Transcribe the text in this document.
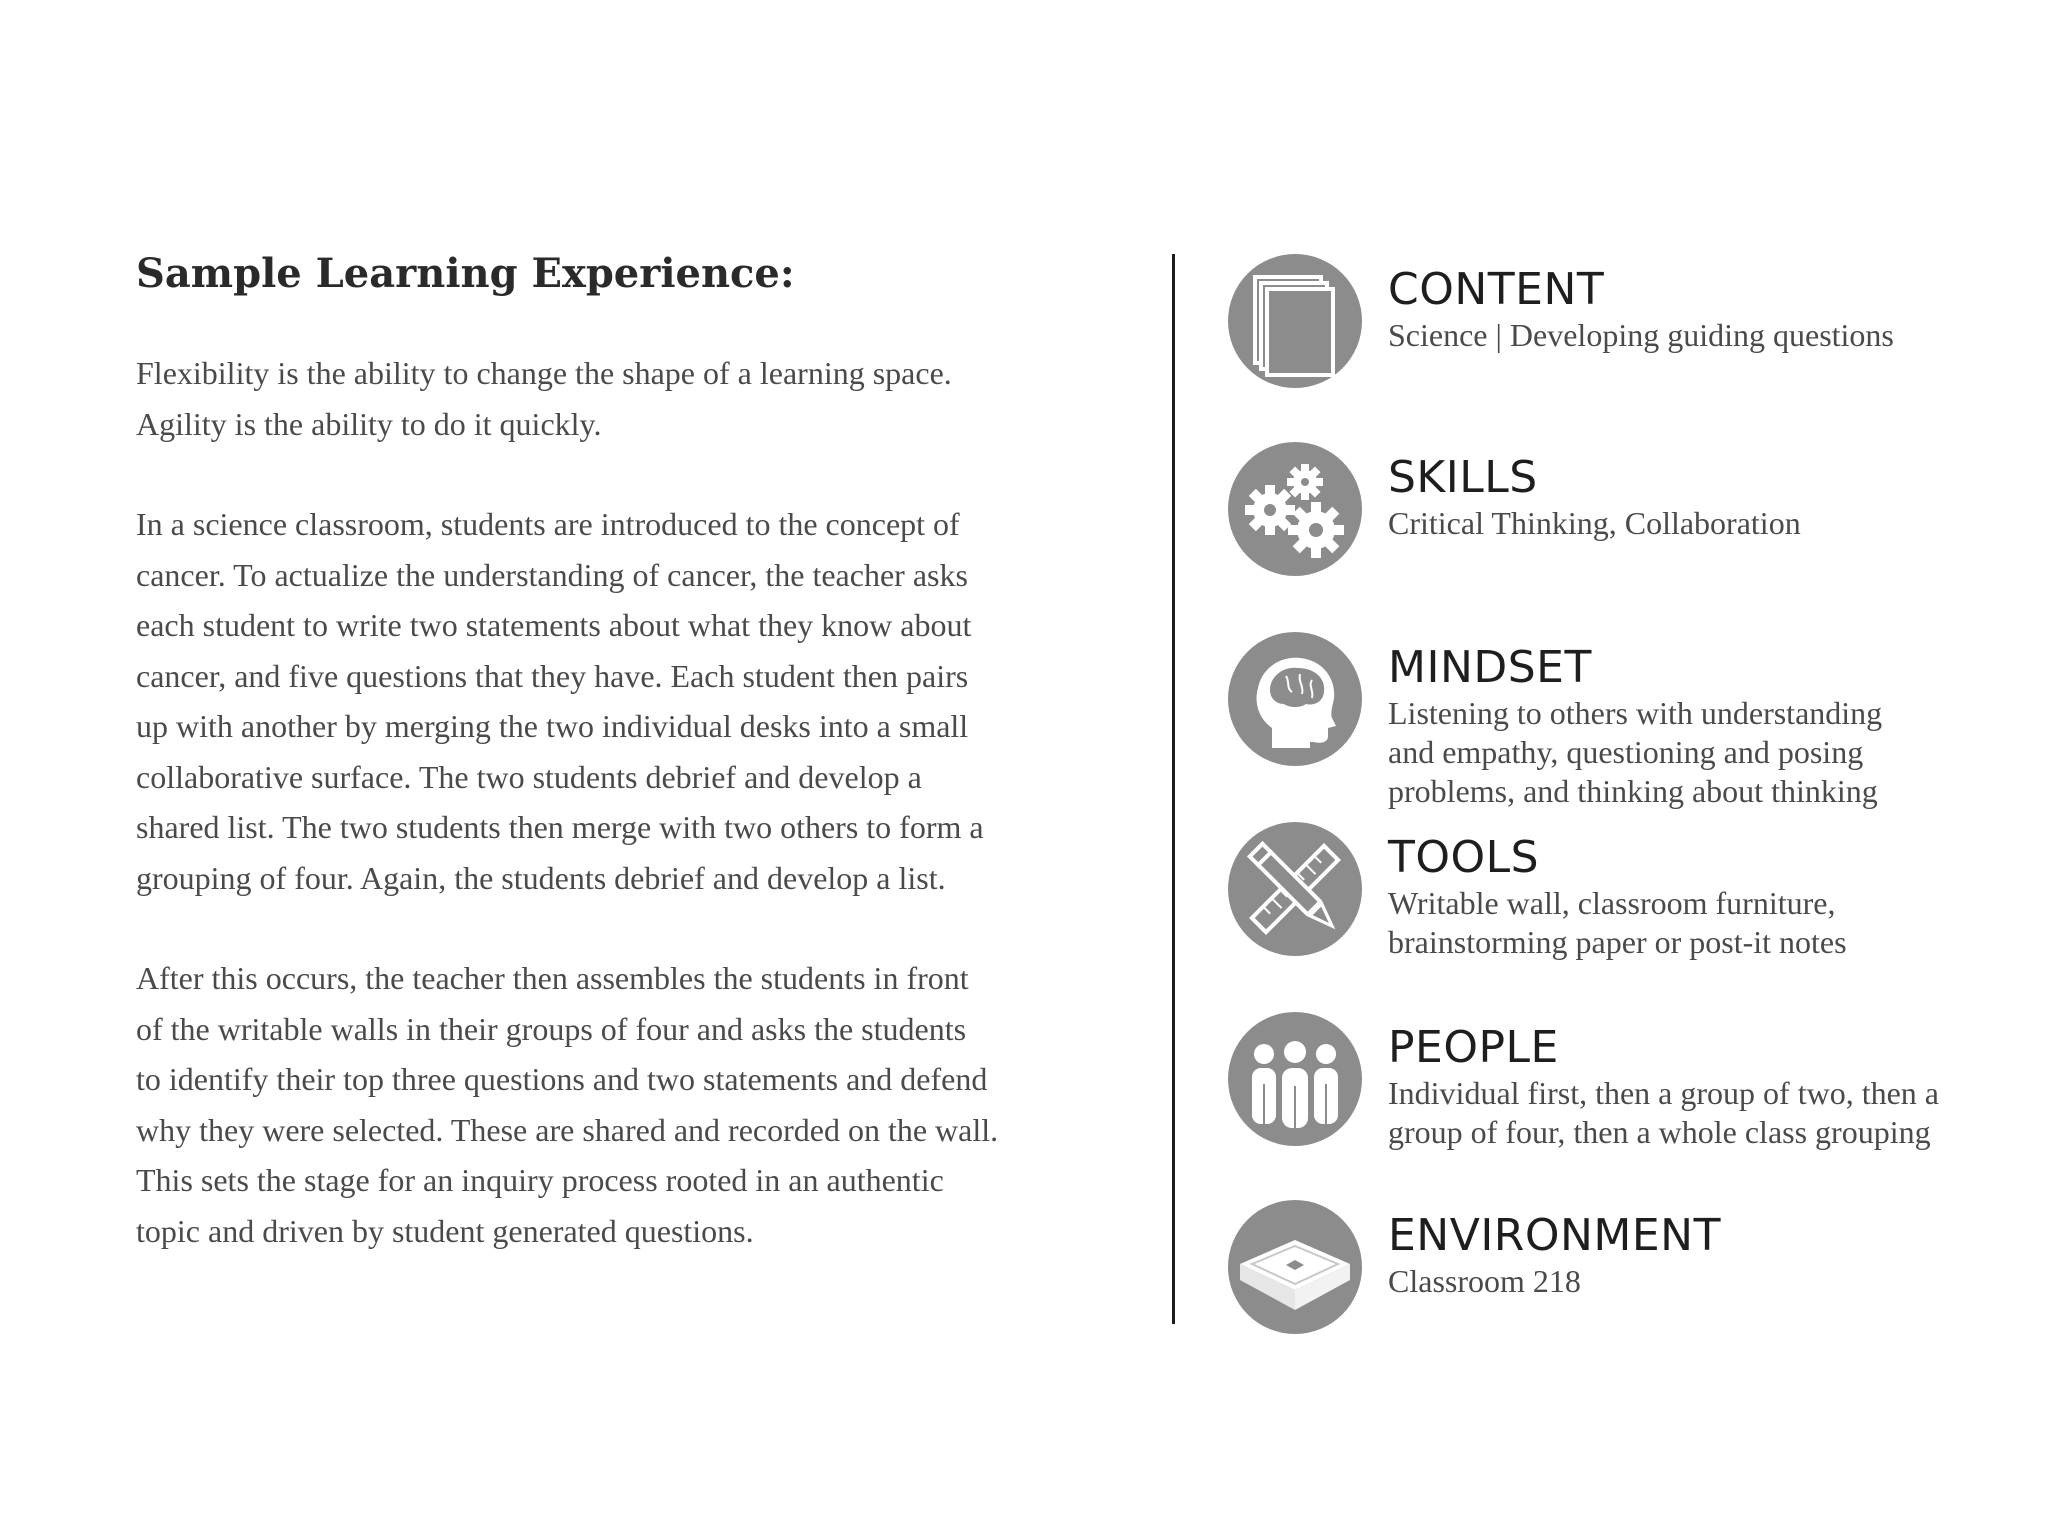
Sample Learning Experience:

Flexibility is the ability to change the shape of a learning space.
Agility is the ability to do it quickly.

In a science classroom, students are introduced to the concept of
cancer. To actualize the understanding of cancer, the teacher asks
each student to write two statements about what they know about
cancer, and five questions that they have. Each student then pairs
up with another by merging the two individual desks into a small
collaborative surface. The two students debrief and develop a
shared list. The two students then merge with two others to form a
grouping of four. Again, the students debrief and develop a list.

After this occurs, the teacher then assembles the students in front
of the writable walls in their groups of four and asks the students
to identify their top three questions and two statements and defend
why they were selected. These are shared and recorded on the wall.
This sets the stage for an inquiry process rooted in an authentic
topic and driven by student generated questions.

CONTENT
Science | Developing guiding questions
SKILLS
Critical Thinking, Collaboration
MINDSET
Listening to others with understanding
and empathy, questioning and posing
problems, and thinking about thinking
TOOLS
Writable wall, classroom furniture,
brainstorming paper or post-it notes
PEOPLE
Individual first, then a group of two, then a
group of four, then a whole class grouping
ENVIRONMENT
Classroom 218
